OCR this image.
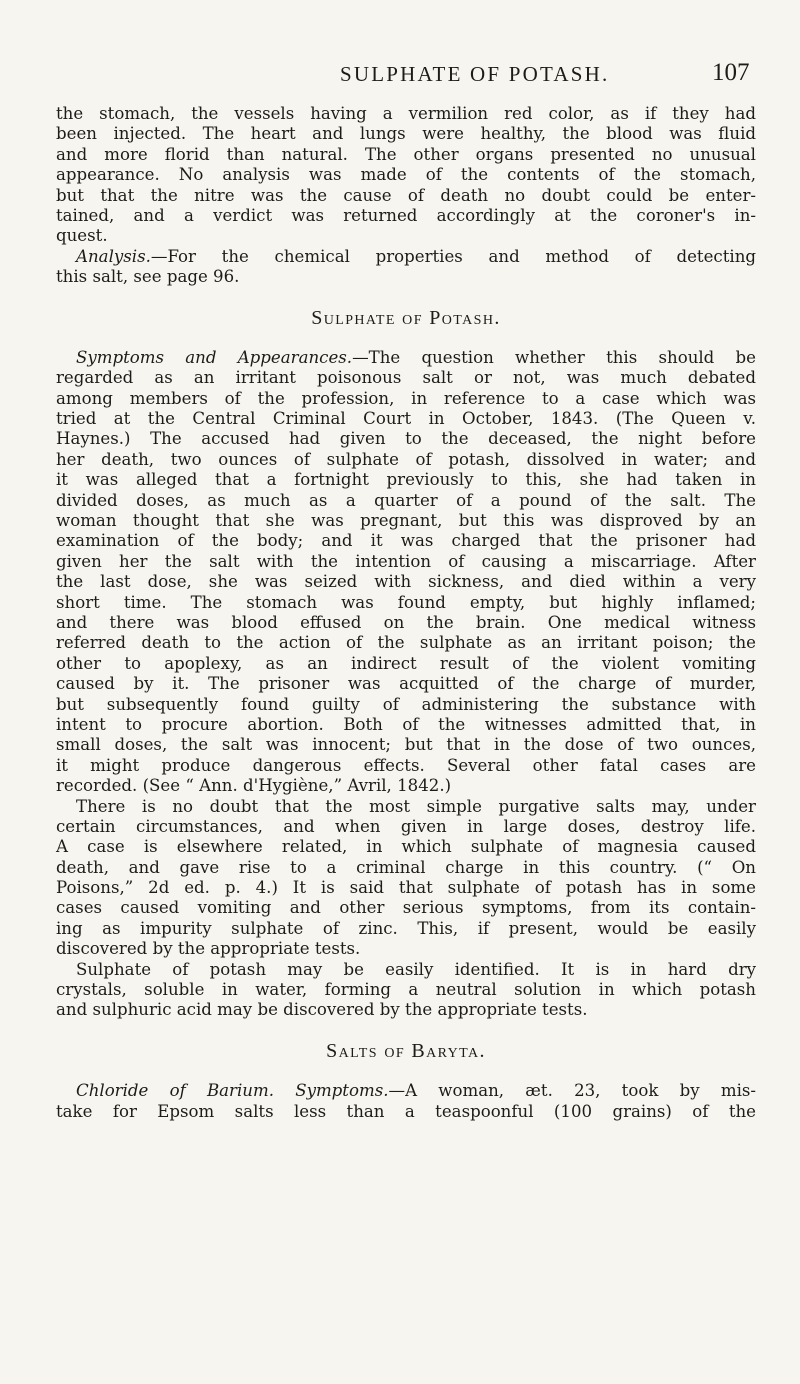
SULPHATE OF POTASH.	107
the stomach, the vessels having a vermilion red color, as if they had
been injected. The heart and lungs were healthy, the blood was fluid
and more florid than natural. The other organs presented no unusual
appearance. No analysis was made of the contents of the stomach,
but that the nitre was the cause of death no doubt could be enter-
tained, and a verdict was returned accordingly at the coroner's in-
quest.
Analysis.—For the chemical properties and method of detecting
this salt, see page 96.
Sulphate of Potash.
Symptoms and Appearances.—The question whether this should be
regarded as an irritant poisonous salt or not, was much debated
among members of the profession, in reference to a case which was
tried at the Central Criminal Court in October, 1843. (The Queen v.
Haynes.) The accused had given to the deceased, the night before
her death, two ounces of sulphate of potash, dissolved in water; and
it was alleged that a fortnight previously to this, she had taken in
divided doses, as much as a quarter of a pound of the salt. The
woman thought that she was pregnant, but this was disproved by an
examination of the body; and it was charged that the prisoner had
given her the salt with the intention of causing a miscarriage. After
the last dose, she was seized with sickness, and died within a very
short time. The stomach was found empty, but highly inflamed;
and there was blood effused on the brain. One medical witness
referred death to the action of the sulphate as an irritant poison; the
other to apoplexy, as an indirect result of the violent vomiting
caused by it. The prisoner was acquitted of the charge of murder,
but subsequently found guilty of administering the substance with
intent to procure abortion. Both of the witnesses admitted that, in
small doses, the salt was innocent; but that in the dose of two ounces,
it might produce dangerous effects. Several other fatal cases are
recorded. (See “ Ann. d'Hygiène,” Avril, 1842.)
There is no doubt that the most simple purgative salts may, under
certain circumstances, and when given in large doses, destroy life.
A case is elsewhere related, in which sulphate of magnesia caused
death, and gave rise to a criminal charge in this country. (“ On
Poisons,” 2d ed. p. 4.) It is said that sulphate of potash has in some
cases caused vomiting and other serious symptoms, from its contain-
ing as impurity sulphate of zinc. This, if present, would be easily
discovered by the appropriate tests.
Sulphate of potash may be easily identified. It is in hard dry
crystals, soluble in water, forming a neutral solution in which potash
and sulphuric acid may be discovered by the appropriate tests.
Salts of Baryta.
Chloride of Barium. Symptoms.—A woman, æt. 23, took by mis-
take for Epsom salts less than a teaspoonful (100 grains) of the
